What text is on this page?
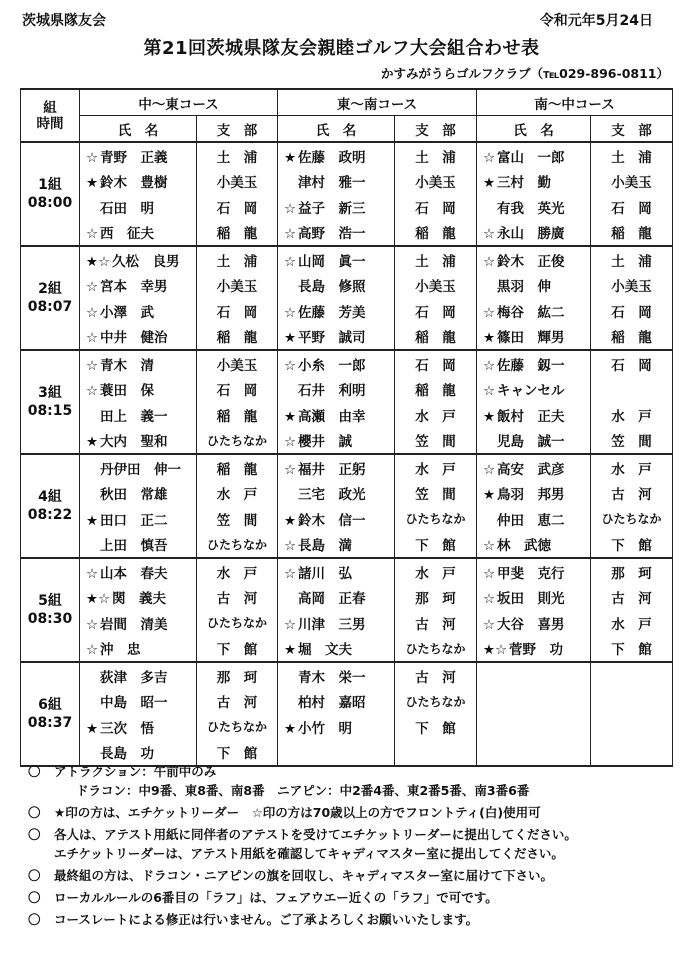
茨城県隊友会	令和元年5月24日
第21回茨城県隊友会親睦ゴルフ大会組合わせ表
かすみがうらゴルフクラブ（℡029-896-0811）
組
時間	中～東コース		東～南コース		南～中コース	
	氏　名	支　部	氏　名	支　部	氏　名	支　部
1組
08:00	☆ 青野　正義	土　浦	★ 佐藤　政明	土　浦	☆ 富山　一郎	土　浦
	★ 鈴木　豊樹	小美玉	津村　雅一	小美玉	★ 三村　勤	小美玉
	石田　明	石　岡	☆ 益子　新三	石　岡	有我　英光	石　岡
	☆ 西　征夫	稲　龍	☆ 高野　浩一	稲　龍	☆ 永山　勝廣	稲　龍
2組
08:07	★☆ 久松　良男	土　浦	☆ 山岡　眞一	土　浦	☆ 鈴木　正俊	土　浦
	☆ 宮本　幸男	小美玉	長島　修照	小美玉	黒羽　伸	小美玉
	☆ 小澤　武	石　岡	☆ 佐藤　芳美	石　岡	☆ 梅谷　紘二	石　岡
	☆ 中井　健治	稲　龍	★ 平野　誠司	稲　龍	★ 篠田　輝男	稲　龍
3組
08:15	☆ 青木　清	小美玉	☆ 小糸　一郎	石　岡	☆ 佐藤　釼一	石　岡
	☆ 蓑田　保	石　岡	石井　利明	稲　龍	☆ キャンセル	
	田上　義一	稲　龍	★ 高瀬　由幸	水　戸	★ 飯村　正夫	水　戸
	★ 大内　聖和	ひたちなか	☆ 櫻井　誠	笠　間	児島　誠一	笠　間
4組
08:22	丹伊田　伸一	稲　龍	☆ 福井　正躬	水　戸	☆ 高安　武彦	水　戸
	秋田　常雄	水　戸	三宅　政光	笠　間	★ 鳥羽　邦男	古　河
	★ 田口　正二	笠　間	★ 鈴木　信一	ひたちなか	仲田　恵二	ひたちなか
	上田　慎吾	ひたちなか	☆ 長島　満	下　館	☆ 林　武徳	下　館
5組
08:30	☆ 山本　春夫	水　戸	☆ 諸川　弘	水　戸	☆ 甲斐　克行	那　珂
	★☆ 関　義夫	古　河	高岡　正春	那　珂	☆ 坂田　則光	古　河
	☆ 岩間　清美	ひたちなか	☆ 川津　三男	古　河	☆ 大谷　喜男	水　戸
	☆ 沖　忠	下　館	★ 堀　文夫	ひたちなか	★☆ 菅野　功	下　館
6組
08:37	荻津　多吉	那　珂	青木　栄一	古　河		
	中島　昭一	古　河	柏村　嘉昭	ひたちなか		
	★ 三次　悟	ひたちなか	★ 小竹　明	下　館		
	長島　功	下　館				
〇 アトラクション：午前中のみ
ドラコン：中9番、東8番、南8番　ニアピン：中2番4番、東2番5番、南3番6番
〇 ★印の方は、エチケットリーダー　☆印の方は70歳以上の方でフロントティ(白)使用可
〇 各人は、アテスト用紙に同伴者のアテストを受けてエチケットリーダーに提出してください。
エチケットリーダーは、アテスト用紙を確認してキャディマスター室に提出してください。
〇 最終組の方は、ドラコン・ニアピンの旗を回収し、キャディマスター室に届けて下さい。
〇 ローカルルールの6番目の「ラフ」は、フェアウエー近くの「ラフ」で可です。
〇 コースレートによる修正は行いません。ご了承よろしくお願いいたします。
